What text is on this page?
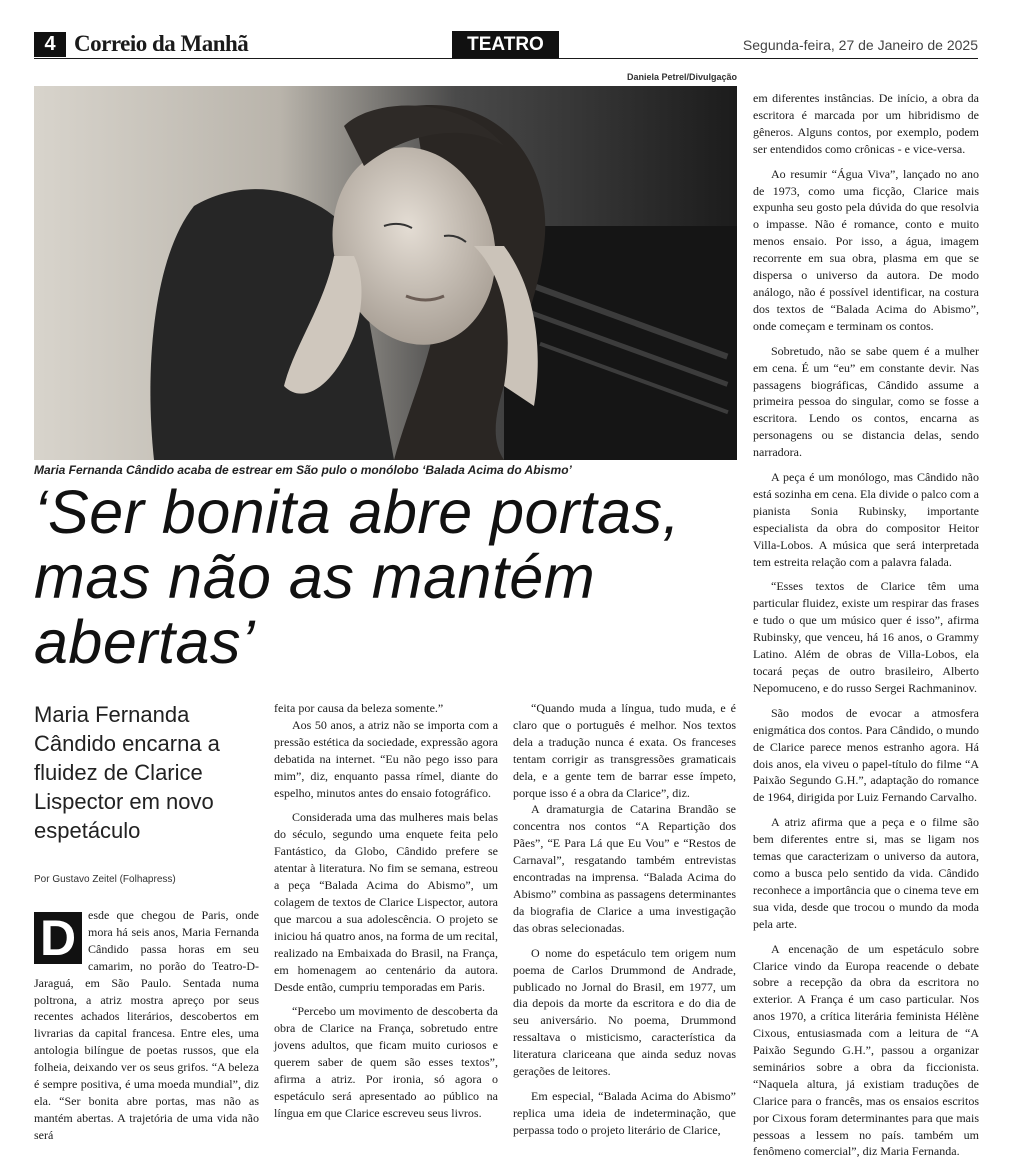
4 Correio da Manhã	TEATRO	Segunda-feira, 27 de Janeiro de 2025
Daniela Petrel/Divulgação
Maria Fernanda Cândido acaba de estrear em São pulo o monólobo ‘Balada Acima do Abismo’
‘Ser bonita abre portas, mas não as mantém abertas’
Maria Fernanda Cândido encarna a fluidez de Clarice Lispector em novo espetáculo
Por Gustavo Zeitel (Folhapress)
D esde que chegou de Paris, onde mora há seis anos, Maria Fernanda Cândido passa horas em seu camarim, no porão do Teatro-D-Jaraguá, em São Paulo. Sentada numa poltrona, a atriz mostra apreço por seus recentes achados literários, descobertos em livrarias da capital francesa. Entre eles, uma antologia bilíngue de poetas russos, que ela folheia, deixando ver os seus grifos. “A beleza é sempre positiva, é uma moeda mundial”, diz ela. “Ser bonita abre portas, mas não as mantém abertas. A trajetória de uma vida não será

feita por causa da beleza somente.”

Aos 50 anos, a atriz não se importa com a pressão estética da sociedade, expressão agora debatida na internet. “Eu não pego isso para mim”, diz, enquanto passa rímel, diante do espelho, minutos antes do ensaio fotográfico.

Considerada uma das mulheres mais belas do século, segundo uma enquete feita pelo Fantástico, da Globo, Cândido prefere se atentar à literatura. No fim se semana, estreou a peça “Balada Acima do Abismo”, um colagem de textos de Clarice Lispector, autora que marcou a sua adolescência. O projeto se iniciou há quatro anos, na forma de um recital, realizado na Embaixada do Brasil, na França, em homenagem ao centenário da autora. Desde então, cumpriu temporadas em Paris.

“Percebo um movimento de descoberta da obra de Clarice na França, sobretudo entre jovens adultos, que ficam muito curiosos e querem saber de quem são esses textos”, afirma a atriz. Por ironia, só agora o espetáculo será apresentado ao público na língua em que Clarice escreveu seus livros.

“Quando muda a língua, tudo muda, e é claro que o português é melhor. Nos textos dela a tradução nunca é exata. Os franceses tentam corrigir as transgressões gramaticais dela, e a gente tem de barrar esse ímpeto, porque isso é a obra da Clarice”, diz.

A dramaturgia de Catarina Brandão se concentra nos contos “A Repartição dos Pães”, “E Para Lá que Eu Vou” e “Restos de Carnaval”, resgatando também entrevistas encontradas na imprensa. “Balada Acima do Abismo” combina as passagens determinantes da biografia de Clarice a uma investigação das obras selecionadas.

O nome do espetáculo tem origem num poema de Carlos Drummond de Andrade, publicado no Jornal do Brasil, em 1977, um dia depois da morte da escritora e do dia de seu aniversário. No poema, Drummond ressaltava o misticismo, característica da literatura clariceana que ainda seduz novas gerações de leitores.

Em especial, “Balada Acima do Abismo” replica uma ideia de indeterminação, que perpassa todo o projeto literário de Clarice,

em diferentes instâncias. De início, a obra da escritora é marcada por um hibridismo de gêneros. Alguns contos, por exemplo, podem ser entendidos como crônicas - e vice-versa.

Ao resumir “Água Viva”, lançado no ano de 1973, como uma ficção, Clarice mais expunha seu gosto pela dúvida do que resolvia o impasse. Não é romance, conto e muito menos ensaio. Por isso, a água, imagem recorrente em sua obra, plasma em que se dispersa o universo da autora. De modo análogo, não é possível identificar, na costura dos textos de “Balada Acima do Abismo”, onde começam e terminam os contos.

Sobretudo, não se sabe quem é a mulher em cena. É um “eu” em constante devir. Nas passagens biográficas, Cândido assume a primeira pessoa do singular, como se fosse a escritora. Lendo os contos, encarna as personagens ou se distancia delas, sendo narradora.

A peça é um monólogo, mas Cândido não está sozinha em cena. Ela divide o palco com a pianista Sonia Rubinsky, importante especialista da obra do compositor Heitor Villa-Lobos. A música que será interpretada tem estreita relação com a palavra falada.

“Esses textos de Clarice têm uma particular fluidez, existe um respirar das frases e tudo o que um músico quer é isso”, afirma Rubinsky, que venceu, há 16 anos, o Grammy Latino. Além de obras de Villa-Lobos, ela tocará peças de outro brasileiro, Alberto Nepomuceno, e do russo Sergei Rachmaninov.

São modos de evocar a atmosfera enigmática dos contos. Para Cândido, o mundo de Clarice parece menos estranho agora. Há dois anos, ela viveu o papel-título do filme “A Paixão Segundo G.H.”, adaptação do romance de 1964, dirigida por Luiz Fernando Carvalho.

A atriz afirma que a peça e o filme são bem diferentes entre si, mas se ligam nos temas que caracterizam o universo da autora, como a busca pelo sentido da vida. Cândido reconhece a importância que o cinema teve em sua vida, desde que trocou o mundo da moda pela arte.

A encenação de um espetáculo sobre Clarice vindo da Europa reacende o debate sobre a recepção da obra da escritora no exterior. A França é um caso particular. Nos anos 1970, a crítica literária feminista Hélène Cixous, entusiasmada com a leitura de “A Paixão Segundo G.H.”, passou a organizar seminários sobre a obra da ficcionista. “Naquela altura, já existiam traduções de Clarice para o francês, mas os ensaios escritos por Cixous foram determinantes para que mais pessoas a lessem no país. também um fenômeno comercial”, diz Maria Fernanda.
